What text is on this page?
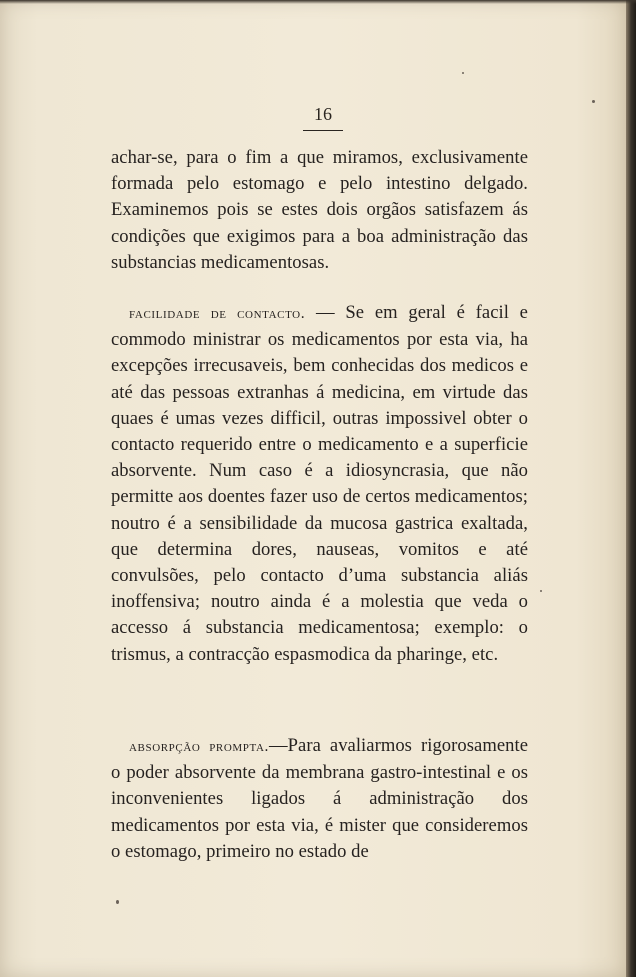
16
achar-se, para o fim a que miramos, exclusivamente formada pelo estomago e pelo intestino delgado. Examinemos pois se estes dois orgãos satisfazem ás condições que exigimos para a boa administração das substancias medicamentosas.
facilidade de contacto. — Se em geral é facil e commodo ministrar os medicamentos por esta via, ha excepções irrecusaveis, bem conhecidas dos medicos e até das pessoas extranhas á medicina, em virtude das quaes é umas vezes difficil, outras impossivel obter o contacto requerido entre o medicamento e a superficie absorvente. Num caso é a idiosyncrasia, que não permitte aos doentes fazer uso de certos medicamentos; noutro é a sensibilidade da mucosa gastrica exaltada, que determina dores, nauseas, vomitos e até convulsões, pelo contacto d’uma substancia aliás inoffensiva; noutro ainda é a molestia que veda o accesso á substancia medicamentosa; exemplo: o trismus, a contracção espasmodica da pharinge, etc.
absorpção prompta.—Para avaliarmos rigorosamente o poder absorvente da membrana gastro-intestinal e os inconvenientes ligados á administração dos medicamentos por esta via, é mister que consideremos o estomago, primeiro no estado de
